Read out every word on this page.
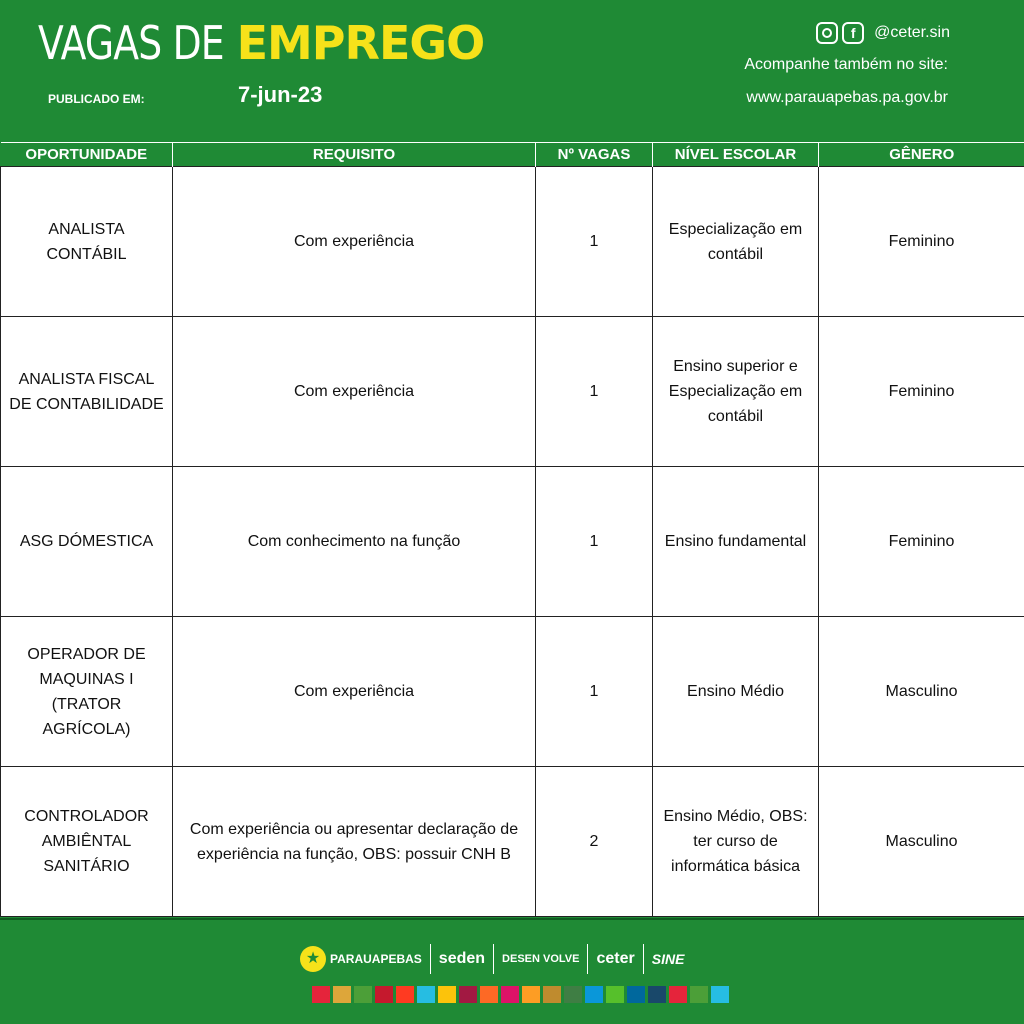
VAGAS DE EMPREGO
PUBLICADO EM:	7-jun-23
f	@ceter.sin
Acompanhe também no site:
www.parauapebas.pa.gov.br
OPORTUNIDADE	REQUISITO	Nº VAGAS	NÍVEL ESCOLAR	GÊNERO
ANALISTA CONTÁBIL	Com experiência	1	Especialização em contábil	Feminino
ANALISTA FISCAL DE CONTABILIDADE	Com experiência	1	Ensino superior e Especialização em contábil	Feminino
ASG DÓMESTICA	Com conhecimento na função	1	Ensino fundamental	Feminino
OPERADOR DE MAQUINAS I (TRATOR AGRÍCOLA)	Com experiência	1	Ensino Médio	Masculino
CONTROLADOR AMBIÊNTAL SANITÁRIO	Com experiência ou apresentar declaração de experiência na função, OBS: possuir CNH B	2	Ensino Médio, OBS: ter curso de informática básica	Masculino
★ PARAUAPEBAS seden DESEN VOLVE ceter SINE
